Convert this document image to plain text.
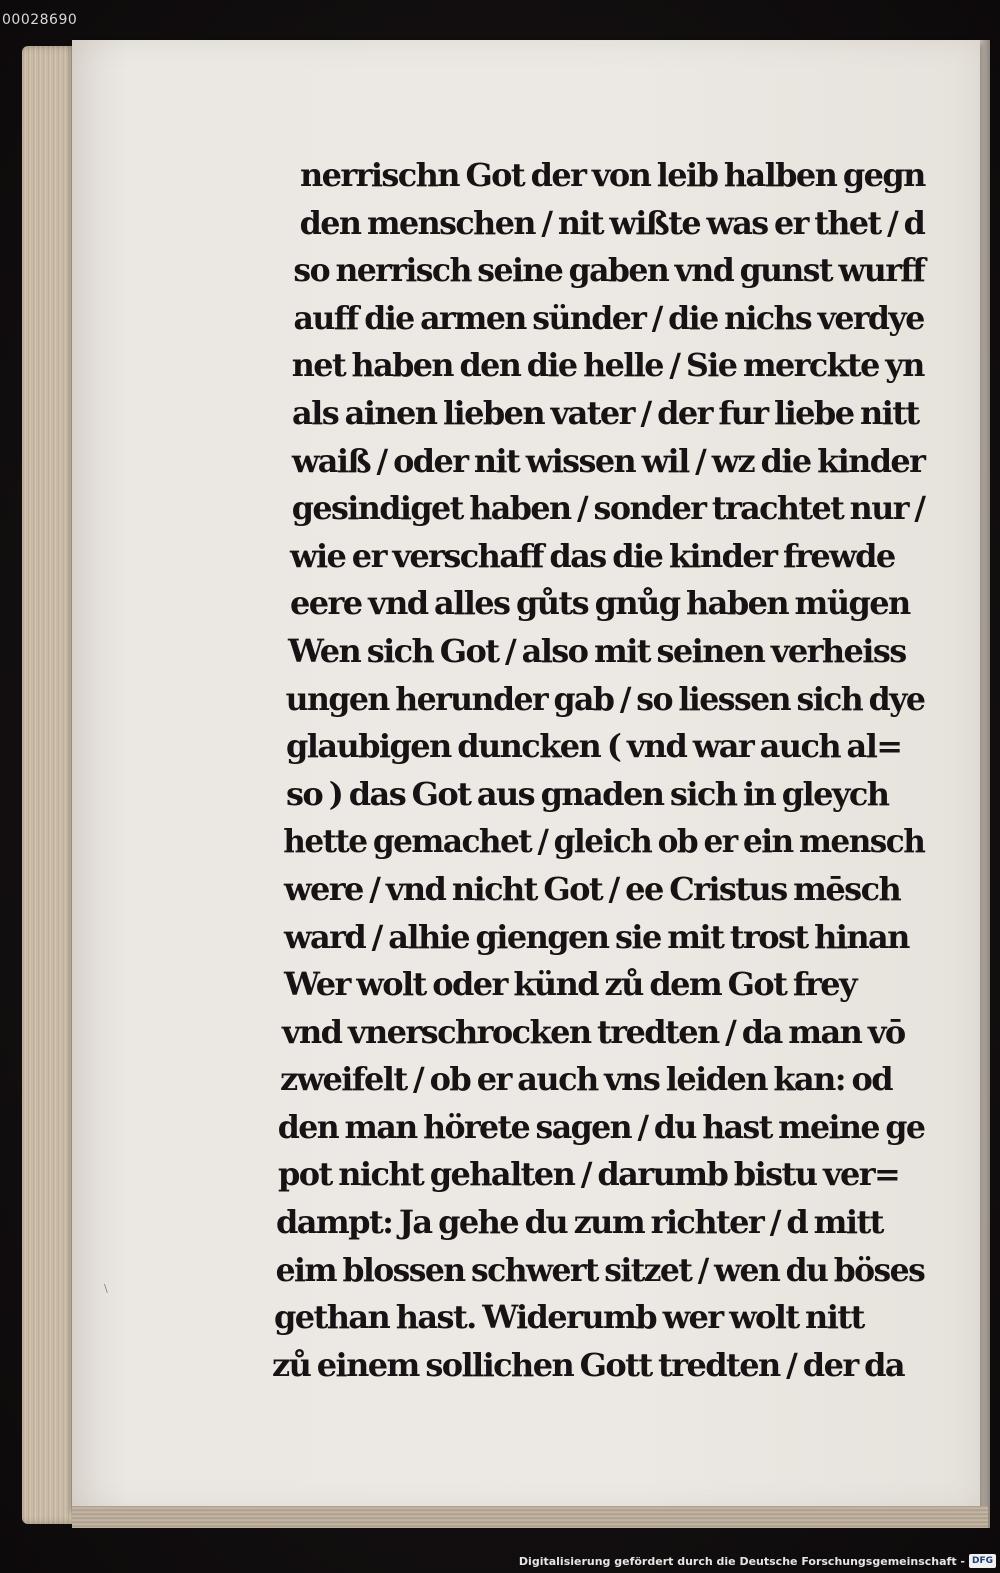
00028690
nerrischn Got der von leib halben gegn
den menschen / nit wißte was er thet / d
so nerrisch seine gaben vnd gunst wurff
auff die armen sünder / die nichs verdye
net haben den die helle / Sie merckte yn
als ainen lieben vater / der fur liebe nitt
waiß / oder nit wissen wil / wz die kinder
gesindiget haben / sonder trachtet nur /
wie er verschaff das die kinder frewde
eere vnd alles gůts gnůg haben mügen
Wen sich Got / also mit seinen verheiss
ungen herunder gab / so liessen sich dye
glaubigen duncken ( vnd war auch al=
so ) das Got aus gnaden sich in gleych
hette gemachet / gleich ob er ein mensch
were / vnd nicht Got / ee Cristus mēsch
ward / alhie giengen sie mit trost hinan
Wer wolt oder künd zů dem Got frey
vnd vnerschrocken tredten / da man vō
zweifelt / ob er auch vns leiden kan: od
den man hörete sagen / du hast meine ge
pot nicht gehalten / darumb bistu ver=
dampt: Ja gehe du zum richter / d mitt
eim blossen schwert sitzet / wen du böses
gethan hast. Widerumb wer wolt nitt
zů einem sollichen Gott tredten / der da
⧵
Digitalisierung gefördert durch die Deutsche Forschungsgemeinschaft - DFG
